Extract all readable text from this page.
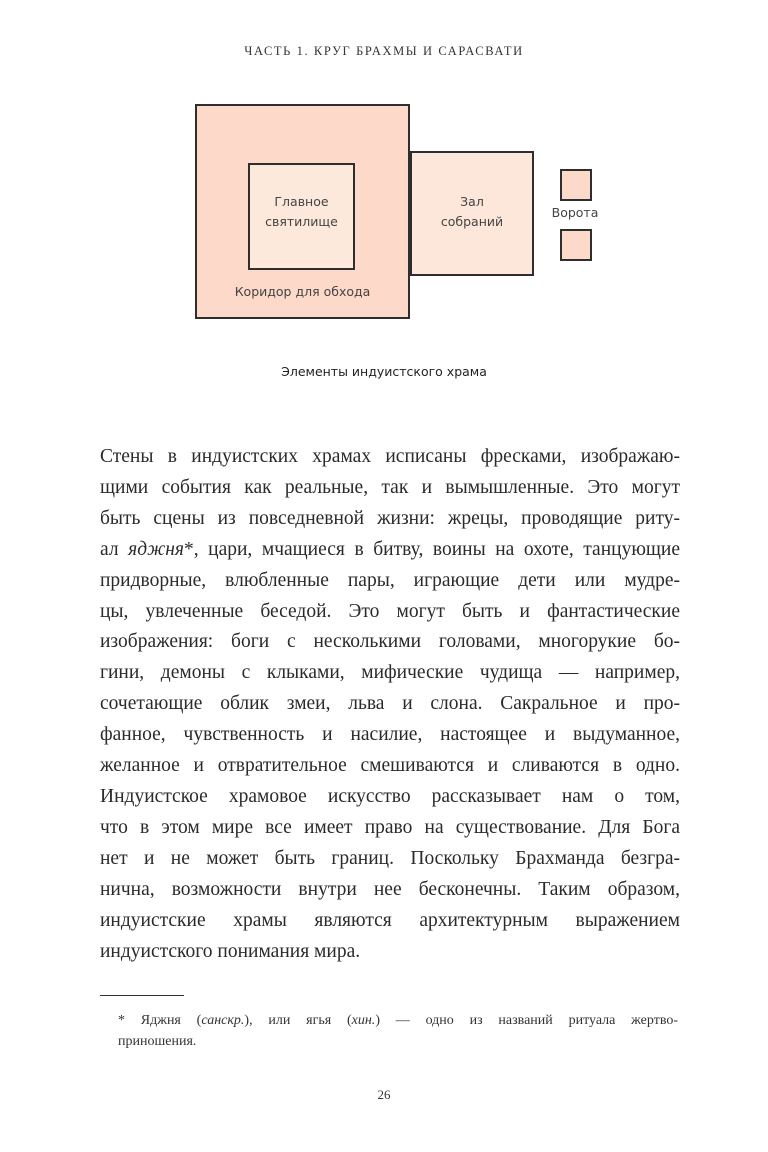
ЧАСТЬ 1. КРУГ БРАХМЫ И САРАСВАТИ
Главное
святилище
Зал
собраний
Коридор для обхода
Ворота
Элементы индуистского храма
Стены в индуистских храмах исписаны фресками, изображаю-
щими события как реальные, так и вымышленные. Это могут
быть сцены из повседневной жизни: жрецы, проводящие риту-
ал яджня*, цари, мчащиеся в битву, воины на охоте, танцующие
придворные, влюбленные пары, играющие дети или мудре-
цы, увлеченные беседой. Это могут быть и фантастические
изображения: боги с несколькими головами, многорукие бо-
гини, демоны с клыками, мифические чудища — например,
сочетающие облик змеи, льва и слона. Сакральное и про-
фанное, чувственность и насилие, настоящее и выдуманное,
желанное и отвратительное смешиваются и сливаются в одно.
Индуистское храмовое искусство рассказывает нам о том,
что в этом мире все имеет право на существование. Для Бога
нет и не может быть границ. Поскольку Брахманда безгра-
нична, возможности внутри нее бесконечны. Таким образом,
индуистские храмы являются архитектурным выражением
индуистского понимания мира.
* Яджня (санскр.), или ягья (хин.) — одно из названий ритуала жертво-
приношения.
26
